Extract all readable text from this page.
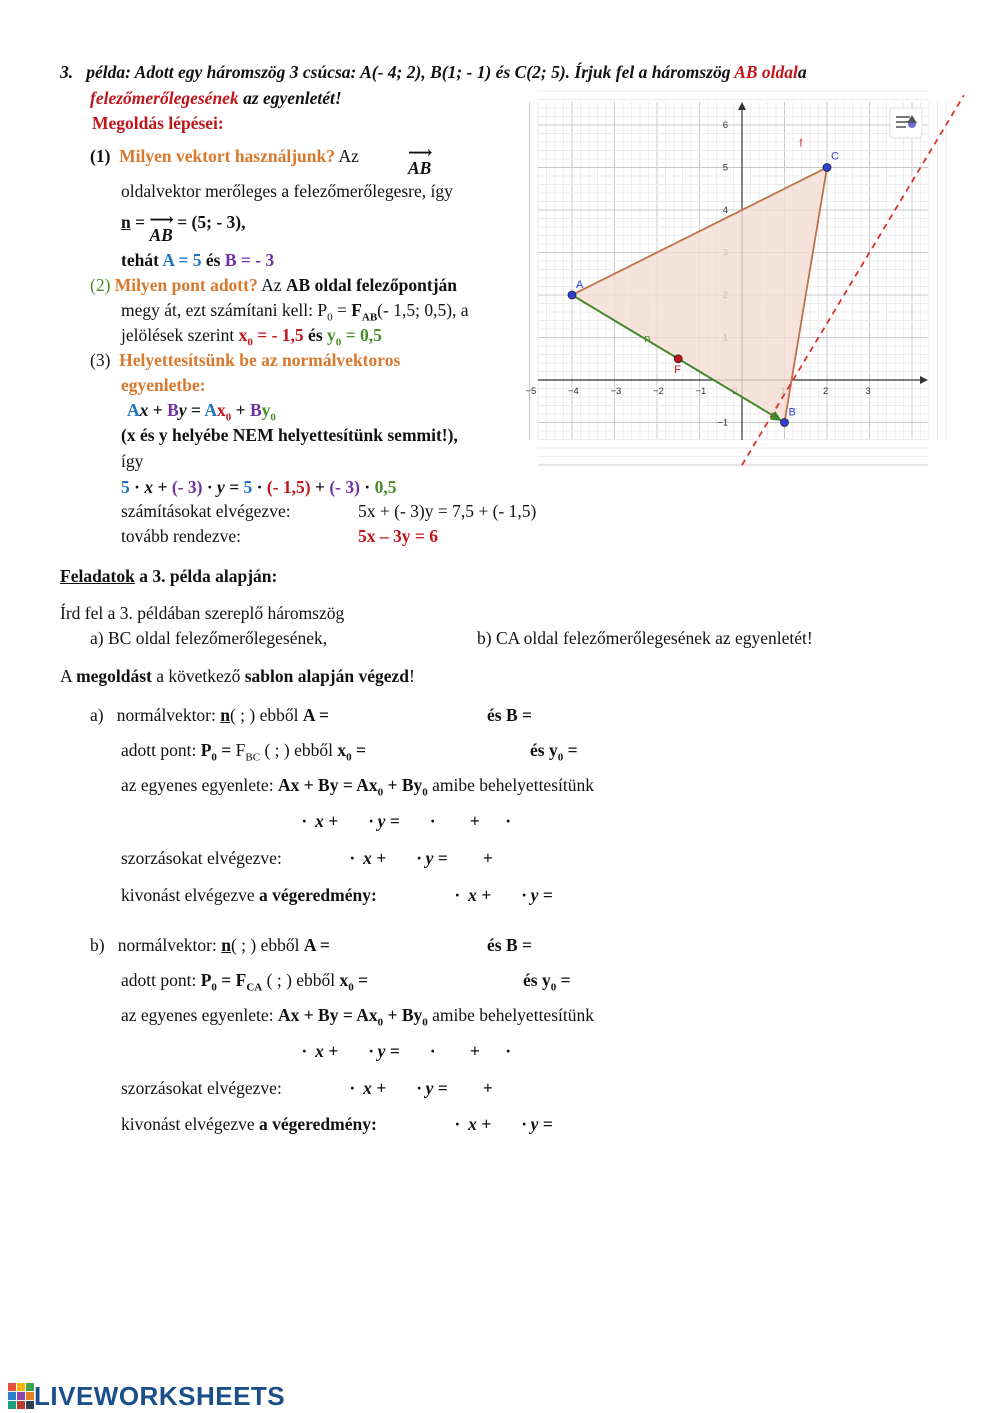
3. példa: Adott egy háromszög 3 csúcsa: A(- 4; 2), B(1; - 1) és C(2; 5). Írjuk fel a háromszög AB oldala
felezőmerőlegesének az egyenletét!
Megoldás lépései:
(1) Milyen vektort használjunk? Az	⟶
AB
oldalvektor merőleges a felezőmerőlegesre, így
n = ⟶
AB = (5; - 3),
tehát A = 5 és B = - 3
(2) Milyen pont adott? Az AB oldal felezőpontján
megy át, ezt számítani kell: $P_0 = F_{AB}(-$ 1,5; 0,5), a
jelölések szerint $x_0$ = - 1,5 és $y_0 = 0,5$
(3) Helyettesítsünk be az normálvektoros
egyenletbe:
$Ax + By = Ax_0 + By_0$
(x és y helyébe NEM helyettesítünk semmit!),
így
5 · x + (- 3) · y = 5 · (- 1,5) + (- 3) · 0,5
számításokat elvégezve:	5x + (- 3)y = 7,5 + (- 1,5)
tovább rendezve:	5x – 3y = 6
−5	−4	−3	−2	−1	2	3
6
5
4
−1
A
B
C
F
n
f
Feladatok a 3. példa alapján:
Írd fel a 3. példában szereplő háromszög
a) BC oldal felezőmerőlegesének,	b) CA oldal felezőmerőlegesének az egyenletét!
A megoldást a következő sablon alapján végezd!
a) normálvektor: n( ; ) ebből A =	és B =
adott pont: $P_0 = F_{BC}$ ( ; ) ebből $x_0$ =	és $y_0$ =
az egyenes egyenlete: $Ax + By = Ax_0 + By_0$ amibe behelyettesítünk
·  x +       · y =       ·        +      ·
szorzásokat elvégezve:	·  x +       · y =        +
kivonást elvégezve a végeredmény:	·  x +       · y =
b) normálvektor: n( ; ) ebből A =	és B =
adott pont: $P_0 = F_{CA}$ ( ; ) ebből $x_0$ =	és $y_0$ =
az egyenes egyenlete: $Ax + By = Ax_0 + By_0$ amibe behelyettesítünk
·  x +       · y =       ·        +      ·
szorzásokat elvégezve:	·  x +       · y =        +
kivonást elvégezve a végeredmény:	·  x +       · y =
LIVEWORKSHEETS
